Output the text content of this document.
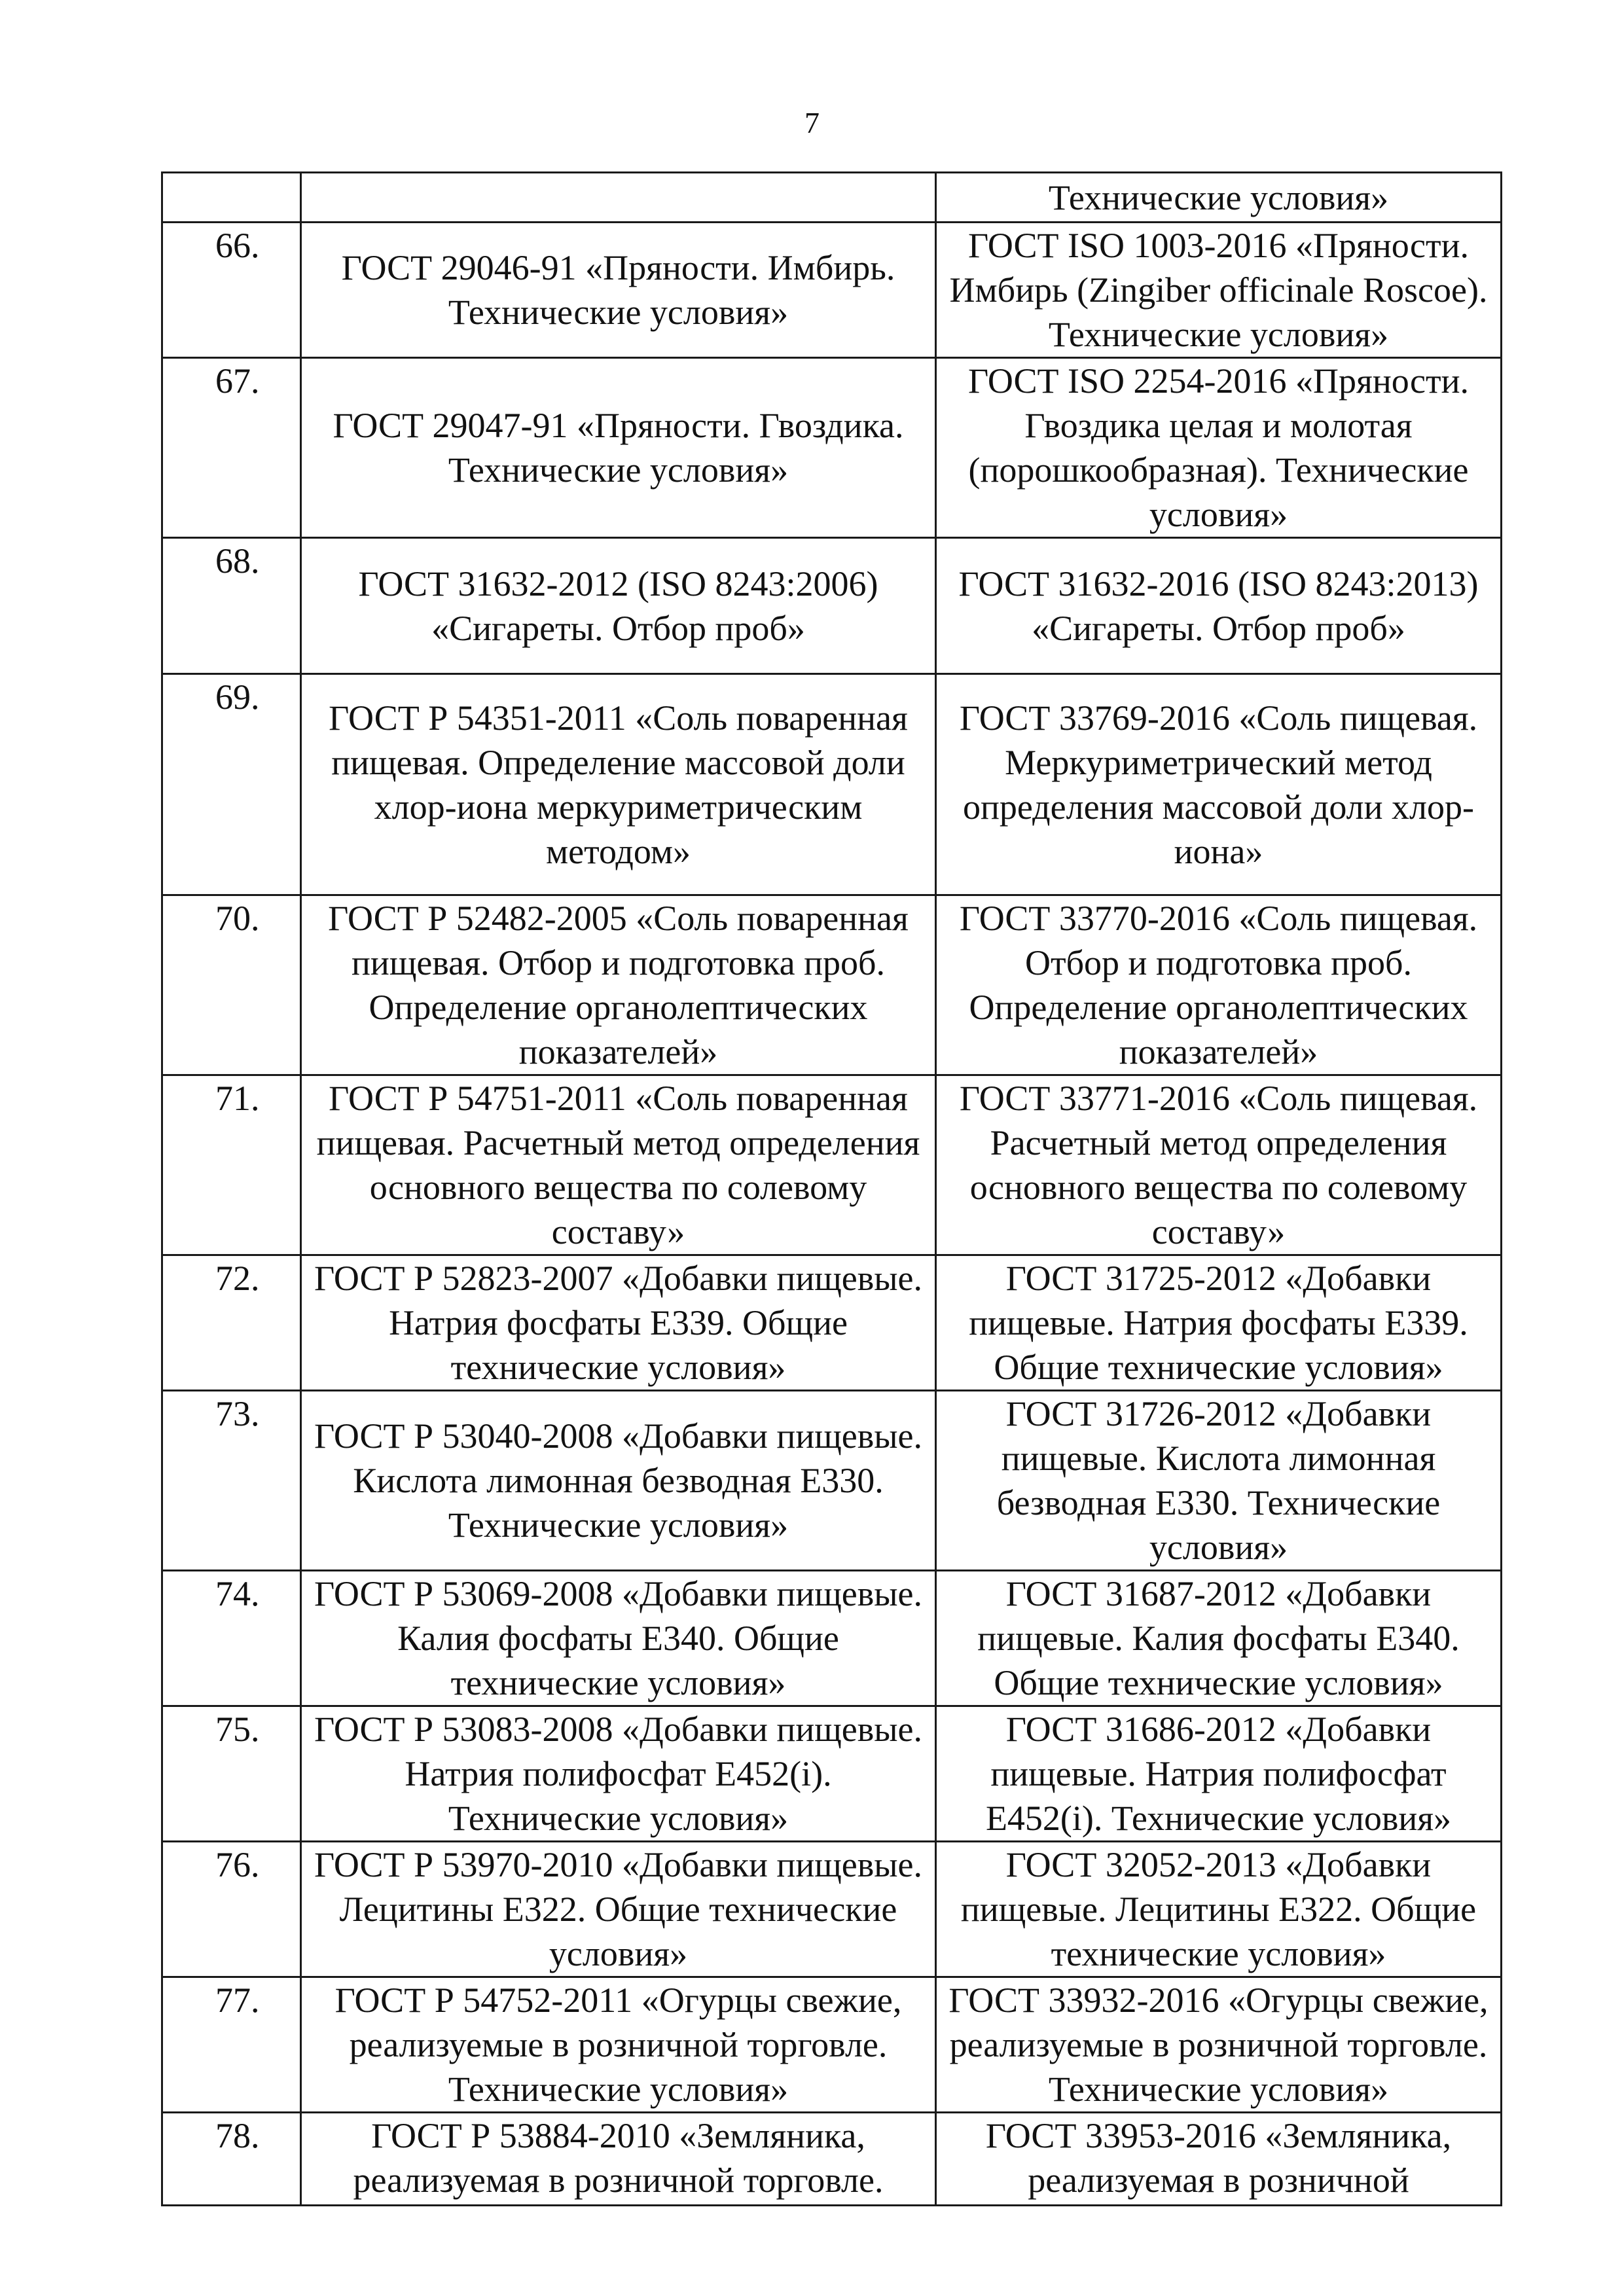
7

		Технические условия»

66.	ГОСТ 29046-91 «Пряности. Имбирь. Технические условия»	ГОСТ ISO 1003-2016 «Пряности. Имбирь (Zingiber officinale Roscoe). Технические условия»
67.	ГОСТ 29047-91 «Пряности. Гвоздика. Технические условия»	ГОСТ ISO 2254-2016 «Пряности. Гвоздика целая и молотая (порошкообразная). Технические условия»
68.	ГОСТ 31632-2012 (ISO 8243:2006) «Сигареты. Отбор проб»	ГОСТ 31632-2016 (ISO 8243:2013) «Сигареты. Отбор проб»
69.	ГОСТ Р 54351-2011 «Соль поваренная пищевая. Определение массовой доли хлор-иона меркуриметрическим методом»	ГОСТ 33769-2016 «Соль пищевая. Меркуриметрический метод определения массовой доли хлор-иона»
70.	ГОСТ Р 52482-2005 «Соль поваренная пищевая. Отбор и подготовка проб. Определение органолептических показателей»	ГОСТ 33770-2016 «Соль пищевая. Отбор и подготовка проб. Определение органолептических показателей»
71.	ГОСТ Р 54751-2011 «Соль поваренная пищевая. Расчетный метод определения основного вещества по солевому составу»	ГОСТ 33771-2016 «Соль пищевая. Расчетный метод определения основного вещества по солевому составу»
72.	ГОСТ Р 52823-2007 «Добавки пищевые. Натрия фосфаты Е339. Общие технические условия»	ГОСТ 31725-2012 «Добавки пищевые. Натрия фосфаты Е339. Общие технические условия»
73.	ГОСТ Р 53040-2008 «Добавки пищевые. Кислота лимонная безводная Е330. Технические условия»	ГОСТ 31726-2012 «Добавки пищевые. Кислота лимонная безводная Е330. Технические условия»
74.	ГОСТ Р 53069-2008 «Добавки пищевые. Калия фосфаты Е340. Общие технические условия»	ГОСТ 31687-2012 «Добавки пищевые. Калия фосфаты Е340. Общие технические условия»
75.	ГОСТ Р 53083-2008 «Добавки пищевые. Натрия полифосфат Е452(i). Технические условия»	ГОСТ 31686-2012 «Добавки пищевые. Натрия полифосфат Е452(i). Технические условия»
76.	ГОСТ Р 53970-2010 «Добавки пищевые. Лецитины Е322. Общие технические условия»	ГОСТ 32052-2013 «Добавки пищевые. Лецитины Е322. Общие технические условия»
77.	ГОСТ Р 54752-2011 «Огурцы свежие, реализуемые в розничной торговле. Технические условия»	ГОСТ 33932-2016 «Огурцы свежие, реализуемые в розничной торговле. Технические условия»
78.	ГОСТ Р 53884-2010 «Земляника, реализуемая в розничной торговле.	ГОСТ 33953-2016 «Земляника, реализуемая в розничной
